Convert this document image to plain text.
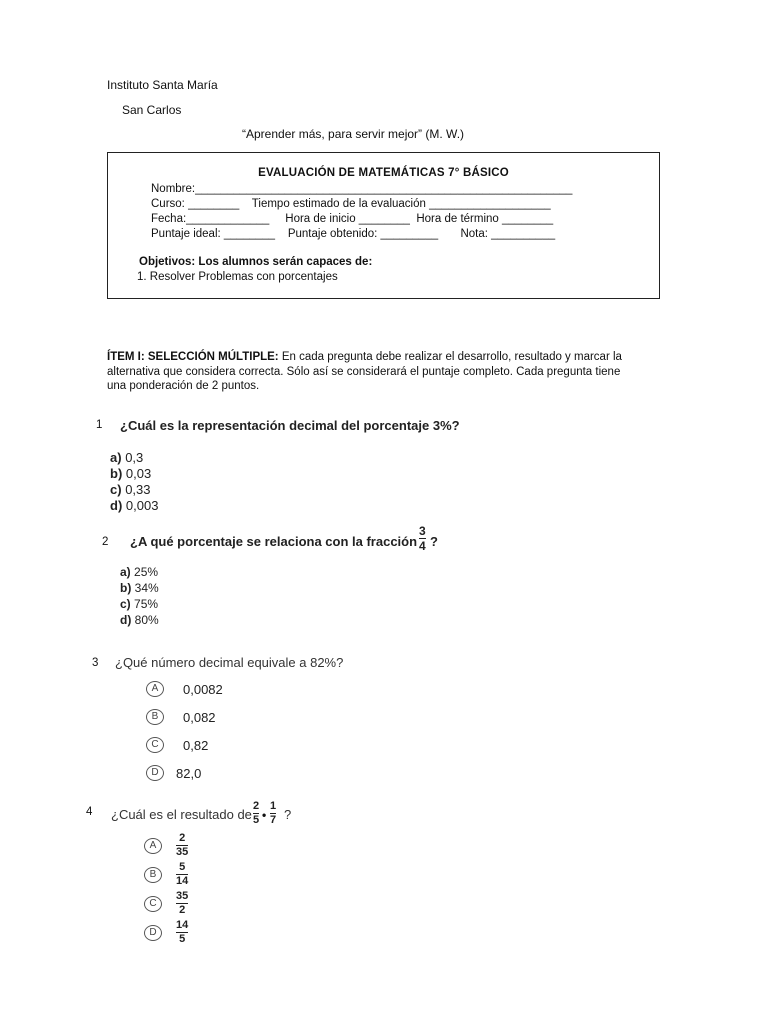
Instituto Santa María
San Carlos
“Aprender más, para servir mejor” (M. W.)
EVALUACIÓN DE MATEMÁTICAS 7° BÁSICO
Nombre:___________________________________________________________
Curso: ________    Tiempo estimado de la evaluación ___________________
Fecha:_____________     Hora de inicio ________  Hora de término ________
Puntaje ideal: ________    Puntaje obtenido: _________       Nota: __________
Objetivos: Los alumnos serán capaces de:
1. Resolver Problemas con porcentajes
ÍTEM I: SELECCIÓN MÚLTIPLE: En cada pregunta debe realizar el desarrollo, resultado y marcar la alternativa que considera correcta. Sólo así se considerará el puntaje completo. Cada pregunta tiene una ponderación de 2 puntos.
1 ¿Cuál es la representación decimal del porcentaje 3%?
a) 0,3
b) 0,03
c) 0,33
d) 0,003
2 ¿A qué porcentaje se relaciona con la fracción
3
4 ?
a) 25%
b) 34%
c) 75%
d) 80%
3 ¿Qué número decimal equivale a 82%?
A	0,0082
B	0,082
C	0,82
D	82,0
4 ¿Cuál es el resultado de
2
5 •
1
7 ?
A
2
35
B
5
14
C
35
2
D
14
5
